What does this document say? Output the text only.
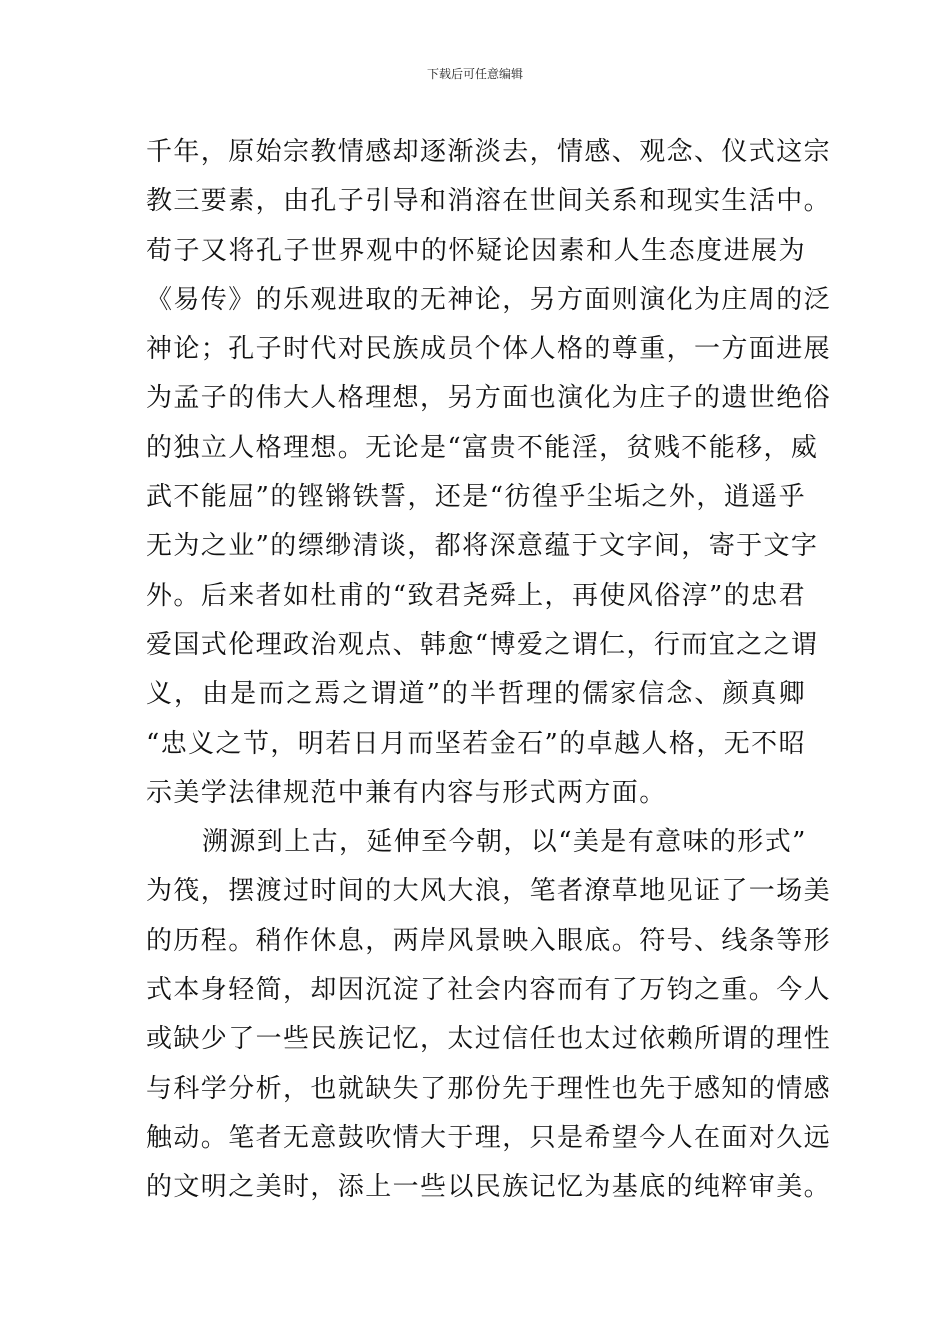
下载后可任意编辑
千年，原始宗教情感却逐渐淡去，情感、观念、仪式这宗
教三要素，由孔子引导和消溶在世间关系和现实生活中。
荀子又将孔子世界观中的怀疑论因素和人生态度进展为
《易传》的乐观进取的无神论，另方面则演化为庄周的泛
神论；孔子时代对民族成员个体人格的尊重，一方面进展
为孟子的伟大人格理想，另方面也演化为庄子的遗世绝俗
的独立人格理想。无论是“富贵不能淫，贫贱不能移，威
武不能屈”的铿锵铁誓，还是“彷徨乎尘垢之外，逍遥乎
无为之业”的缥缈清谈，都将深意蕴于文字间，寄于文字
外。后来者如杜甫的“致君尧舜上，再使风俗淳”的忠君
爱国式伦理政治观点、韩愈“博爱之谓仁，行而宜之之谓
义，由是而之焉之谓道”的半哲理的儒家信念、颜真卿
“忠义之节，明若日月而坚若金石”的卓越人格，无不昭
示美学法律规范中兼有内容与形式两方面。
溯源到上古，延伸至今朝，以“美是有意味的形式”
为筏，摆渡过时间的大风大浪，笔者潦草地见证了一场美
的历程。稍作休息，两岸风景映入眼底。符号、线条等形
式本身轻简，却因沉淀了社会内容而有了万钧之重。今人
或缺少了一些民族记忆，太过信任也太过依赖所谓的理性
与科学分析，也就缺失了那份先于理性也先于感知的情感
触动。笔者无意鼓吹情大于理，只是希望今人在面对久远
的文明之美时，添上一些以民族记忆为基底的纯粹审美。
